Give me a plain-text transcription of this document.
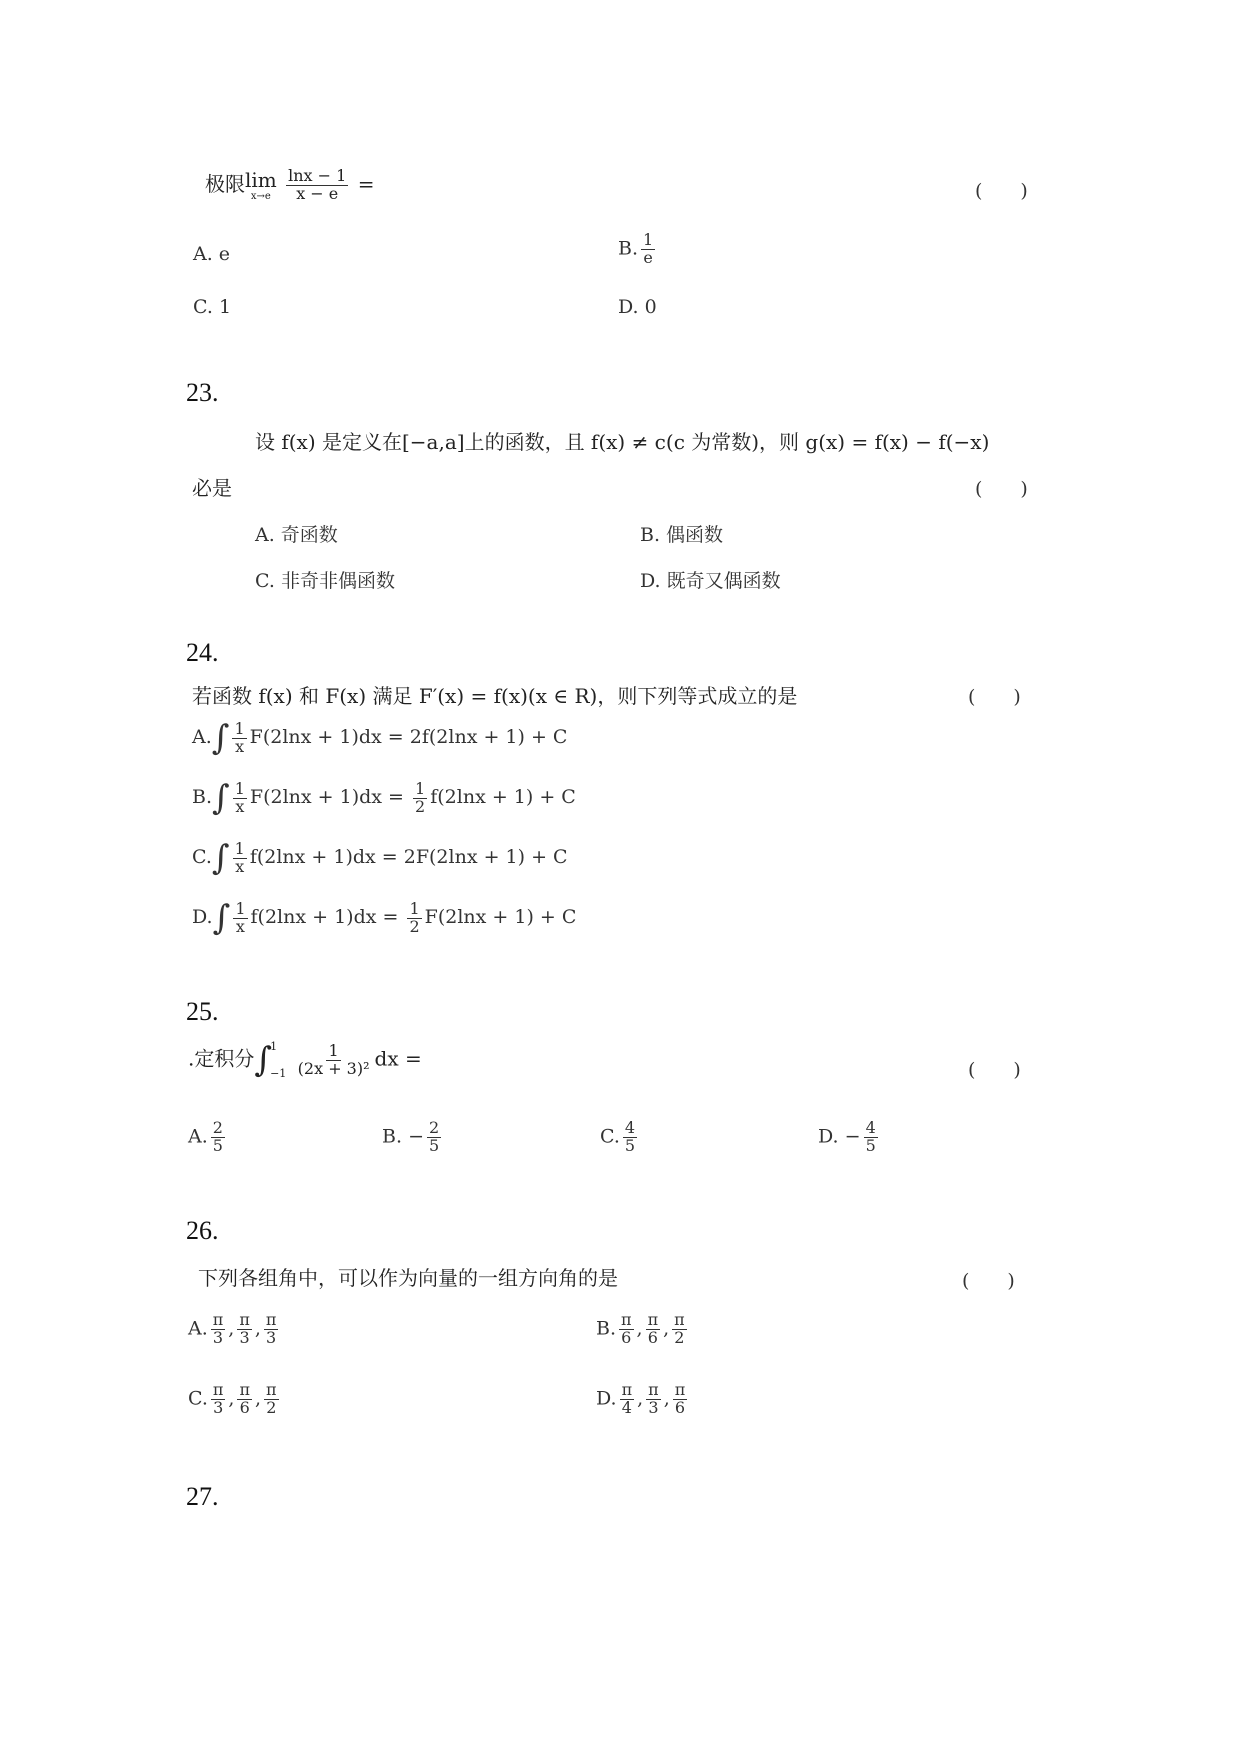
极限 lim
x→e
$\frac{\ln x - 1}{x - e}$ =	(　　)
A. e	B. $\frac{1}{e}$
C. 1	D. 0
23.
设 f(x) 是定义在[−a,a]上的函数，且 f(x) ≠ c(c 为常数)，则 g(x) = f(x) − f(−x)
必是	(　　)
A. 奇函数	B. 偶函数
C. 非奇非偶函数	D. 既奇又偶函数
24.
若函数 f(x) 和 F(x) 满足 F′(x) = f(x)(x ∈ R)，则下列等式成立的是	(　　)
$A.\int \frac{1}{x} F(2\ln x + 1)dx = 2f(2\ln x + 1) + C$
$B.\int \frac{1}{x} F(2\ln x + 1)dx = \frac{1}{2} f(2\ln x + 1) + C$
$C.\int \frac{1}{x} f(2\ln x + 1)dx = 2F(2\ln x + 1) + C$
$D.\int \frac{1}{x} f(2\ln x + 1)dx = \frac{1}{2} F(2\ln x + 1) + C$
25.
.定积分∫
1
−1
$\frac{1}{\text{(2x + 3)²}}$ dx =	(　　)
A. $\frac{2}{5}$	B. − $\frac{2}{5}$	C. $\frac{4}{5}$	D. − $\frac{4}{5}$
26.
下列各组角中，可以作为向量的一组方向角的是	(　　)
A. $\frac{\pi}{3}$ , $\frac{\pi}{3}$ , $\frac{\pi}{3}$	B. $\frac{\pi}{6}$ , $\frac{\pi}{6}$ , $\frac{\pi}{2}$
C. $\frac{\pi}{3}$ , $\frac{\pi}{6}$ , $\frac{\pi}{2}$	D. $\frac{\pi}{4}$ , $\frac{\pi}{3}$ , $\frac{\pi}{6}$
27.
